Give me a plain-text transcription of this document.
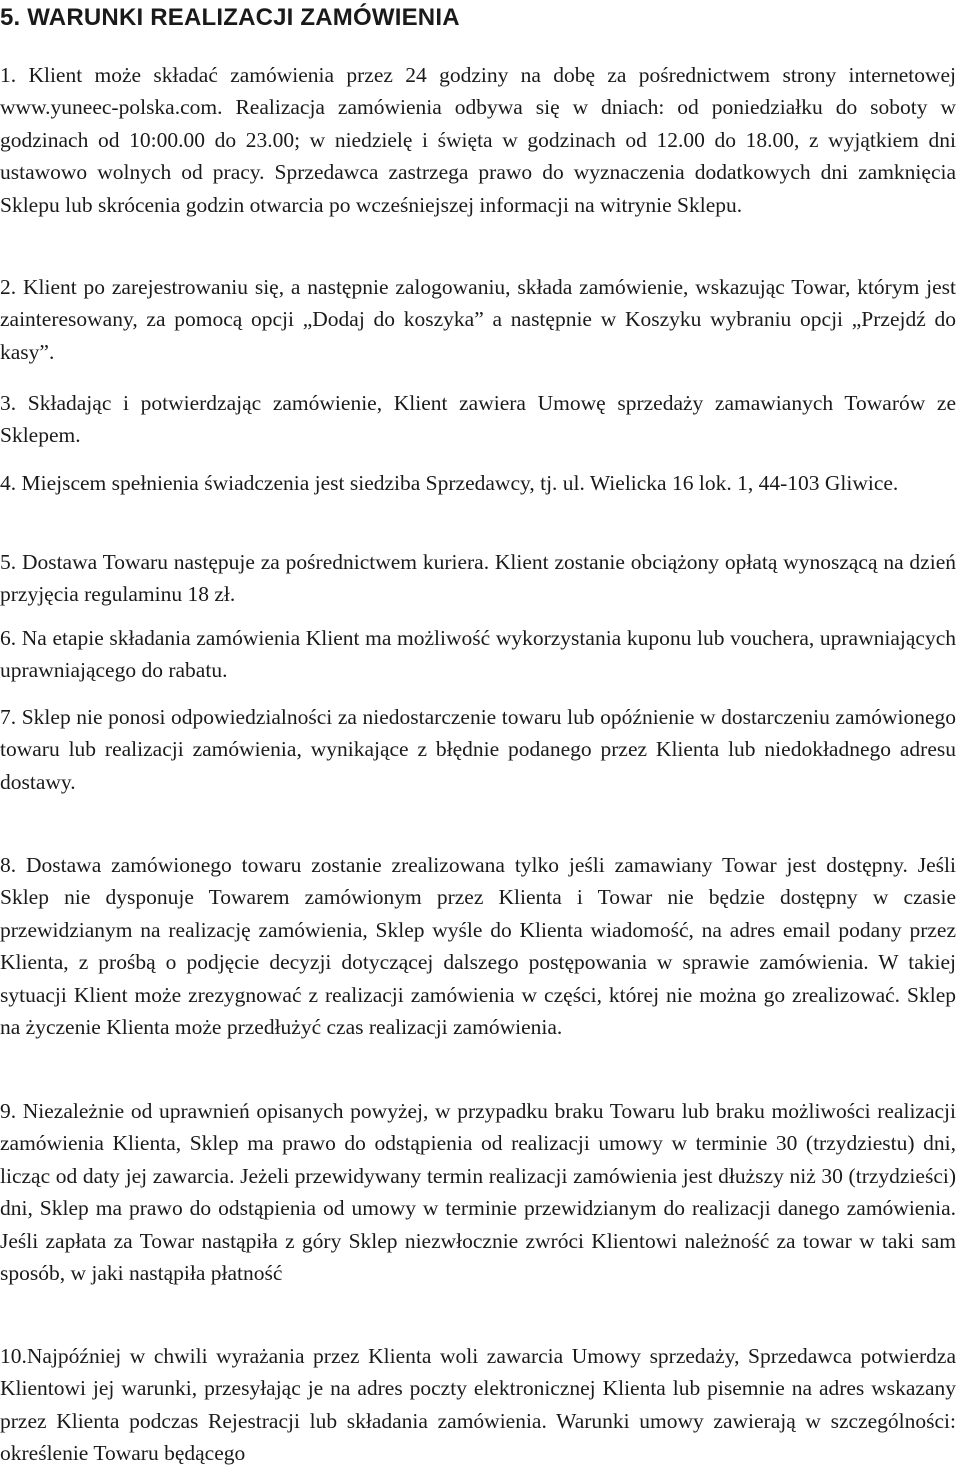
5. WARUNKI REALIZACJI ZAMÓWIENIA

1. Klient może składać zamówienia przez 24 godziny na dobę za pośrednictwem strony internetowej www.yuneec-polska.com. Realizacja zamówienia odbywa się w dniach: od poniedziałku do soboty w godzinach od 10:00.00 do 23.00; w niedzielę i święta w godzinach od 12.00 do 18.00, z wyjątkiem dni ustawowo wolnych od pracy. Sprzedawca zastrzega prawo do wyznaczenia dodatkowych dni zamknięcia Sklepu lub skrócenia godzin otwarcia po wcześniejszej informacji na witrynie Sklepu.

2. Klient po zarejestrowaniu się, a następnie zalogowaniu, składa zamówienie, wskazując Towar, którym jest zainteresowany, za pomocą opcji „Dodaj do koszyka” a następnie w Koszyku wybraniu opcji „Przejdź do kasy”.

3. Składając i potwierdzając zamówienie, Klient zawiera Umowę sprzedaży zamawianych Towarów ze Sklepem.

4. Miejscem spełnienia świadczenia jest siedziba Sprzedawcy, tj. ul. Wielicka 16 lok. 1, 44-103 Gliwice.

5. Dostawa Towaru następuje za pośrednictwem kuriera. Klient zostanie obciążony opłatą wynoszącą na dzień przyjęcia regulaminu 18 zł.

6. Na etapie składania zamówienia Klient ma możliwość wykorzystania kuponu lub vouchera, uprawniających uprawniającego do rabatu.

7. Sklep nie ponosi odpowiedzialności za niedostarczenie towaru lub opóźnienie w dostarczeniu zamówionego towaru lub realizacji zamówienia, wynikające z błędnie podanego przez Klienta lub niedokładnego adresu dostawy.

8. Dostawa zamówionego towaru zostanie zrealizowana tylko jeśli zamawiany Towar jest dostępny. Jeśli Sklep nie dysponuje Towarem zamówionym przez Klienta i Towar nie będzie dostępny w czasie przewidzianym na realizację zamówienia, Sklep wyśle do Klienta wiadomość, na adres email podany przez Klienta, z prośbą o podjęcie decyzji dotyczącej dalszego postępowania w sprawie zamówienia. W takiej sytuacji Klient może zrezygnować z realizacji zamówienia w części, której nie można go zrealizować. Sklep na życzenie Klienta może przedłużyć czas realizacji zamówienia.

9. Niezależnie od uprawnień opisanych powyżej, w przypadku braku Towaru lub braku możliwości realizacji zamówienia Klienta, Sklep ma prawo do odstąpienia od realizacji umowy w terminie 30 (trzydziestu) dni, licząc od daty jej zawarcia. Jeżeli przewidywany termin realizacji zamówienia jest dłuższy niż 30 (trzydzieści) dni, Sklep ma prawo do odstąpienia od umowy w terminie przewidzianym do realizacji danego zamówienia. Jeśli zapłata za Towar nastąpiła z góry Sklep niezwłocznie zwróci Klientowi należność za towar w taki sam sposób, w jaki nastąpiła płatność

10.Najpóźniej w chwili wyrażania przez Klienta woli zawarcia Umowy sprzedaży, Sprzedawca potwierdza Klientowi jej warunki, przesyłając je na adres poczty elektronicznej Klienta lub pisemnie na adres wskazany przez Klienta podczas Rejestracji lub składania zamówienia. Warunki umowy zawierają w szczególności: określenie Towaru będącego
